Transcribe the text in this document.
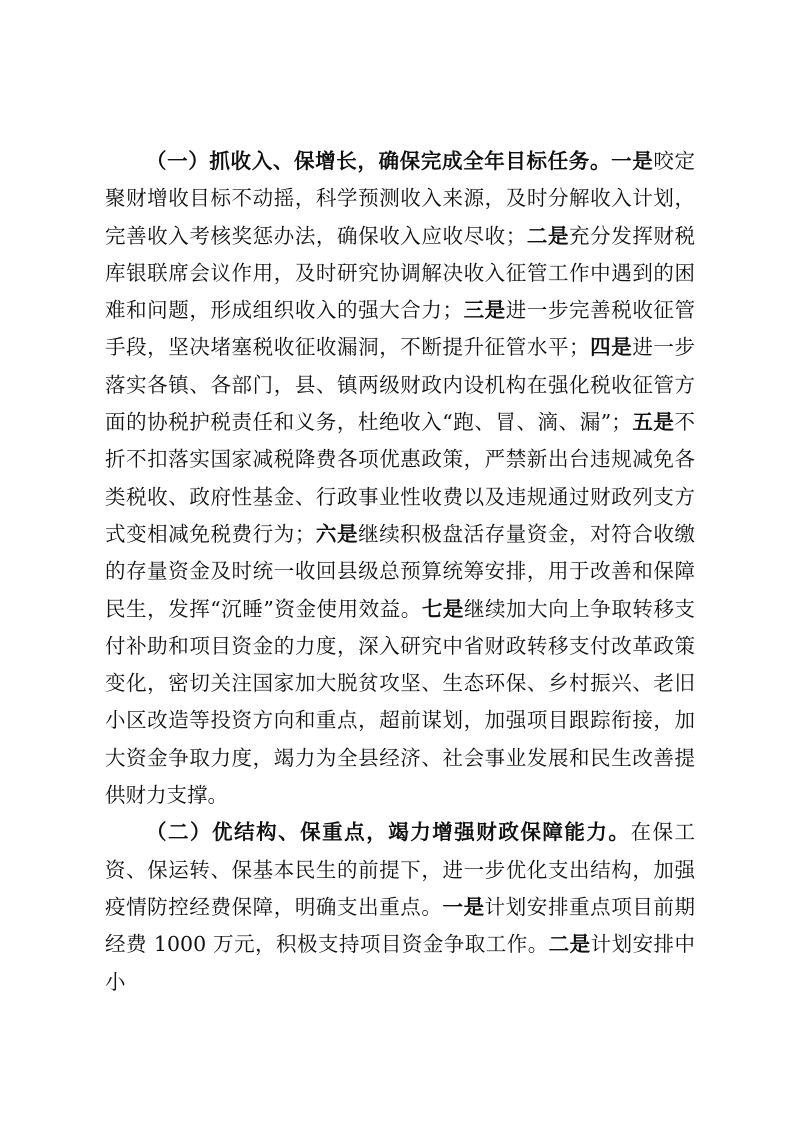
（一）抓收入、保增长，确保完成全年目标任务。一是咬定聚财增收目标不动摇，科学预测收入来源，及时分解收入计划，完善收入考核奖惩办法，确保收入应收尽收；二是充分发挥财税库银联席会议作用，及时研究协调解决收入征管工作中遇到的困难和问题，形成组织收入的强大合力；三是进一步完善税收征管手段，坚决堵塞税收征收漏洞，不断提升征管水平；四是进一步落实各镇、各部门，县、镇两级财政内设机构在强化税收征管方面的协税护税责任和义务，杜绝收入“跑、冒、滴、漏”；五是不折不扣落实国家减税降费各项优惠政策，严禁新出台违规减免各类税收、政府性基金、行政事业性收费以及违规通过财政列支方式变相减免税费行为；六是继续积极盘活存量资金，对符合收缴的存量资金及时统一收回县级总预算统筹安排，用于改善和保障民生，发挥“沉睡”资金使用效益。七是继续加大向上争取转移支付补助和项目资金的力度，深入研究中省财政转移支付改革政策变化，密切关注国家加大脱贫攻坚、生态环保、乡村振兴、老旧小区改造等投资方向和重点，超前谋划，加强项目跟踪衔接，加大资金争取力度，竭力为全县经济、社会事业发展和民生改善提供财力支撑。

（二）优结构、保重点，竭力增强财政保障能力。在保工资、保运转、保基本民生的前提下，进一步优化支出结构，加强疫情防控经费保障，明确支出重点。一是计划安排重点项目前期经费 1000 万元，积极支持项目资金争取工作。二是计划安排中小
